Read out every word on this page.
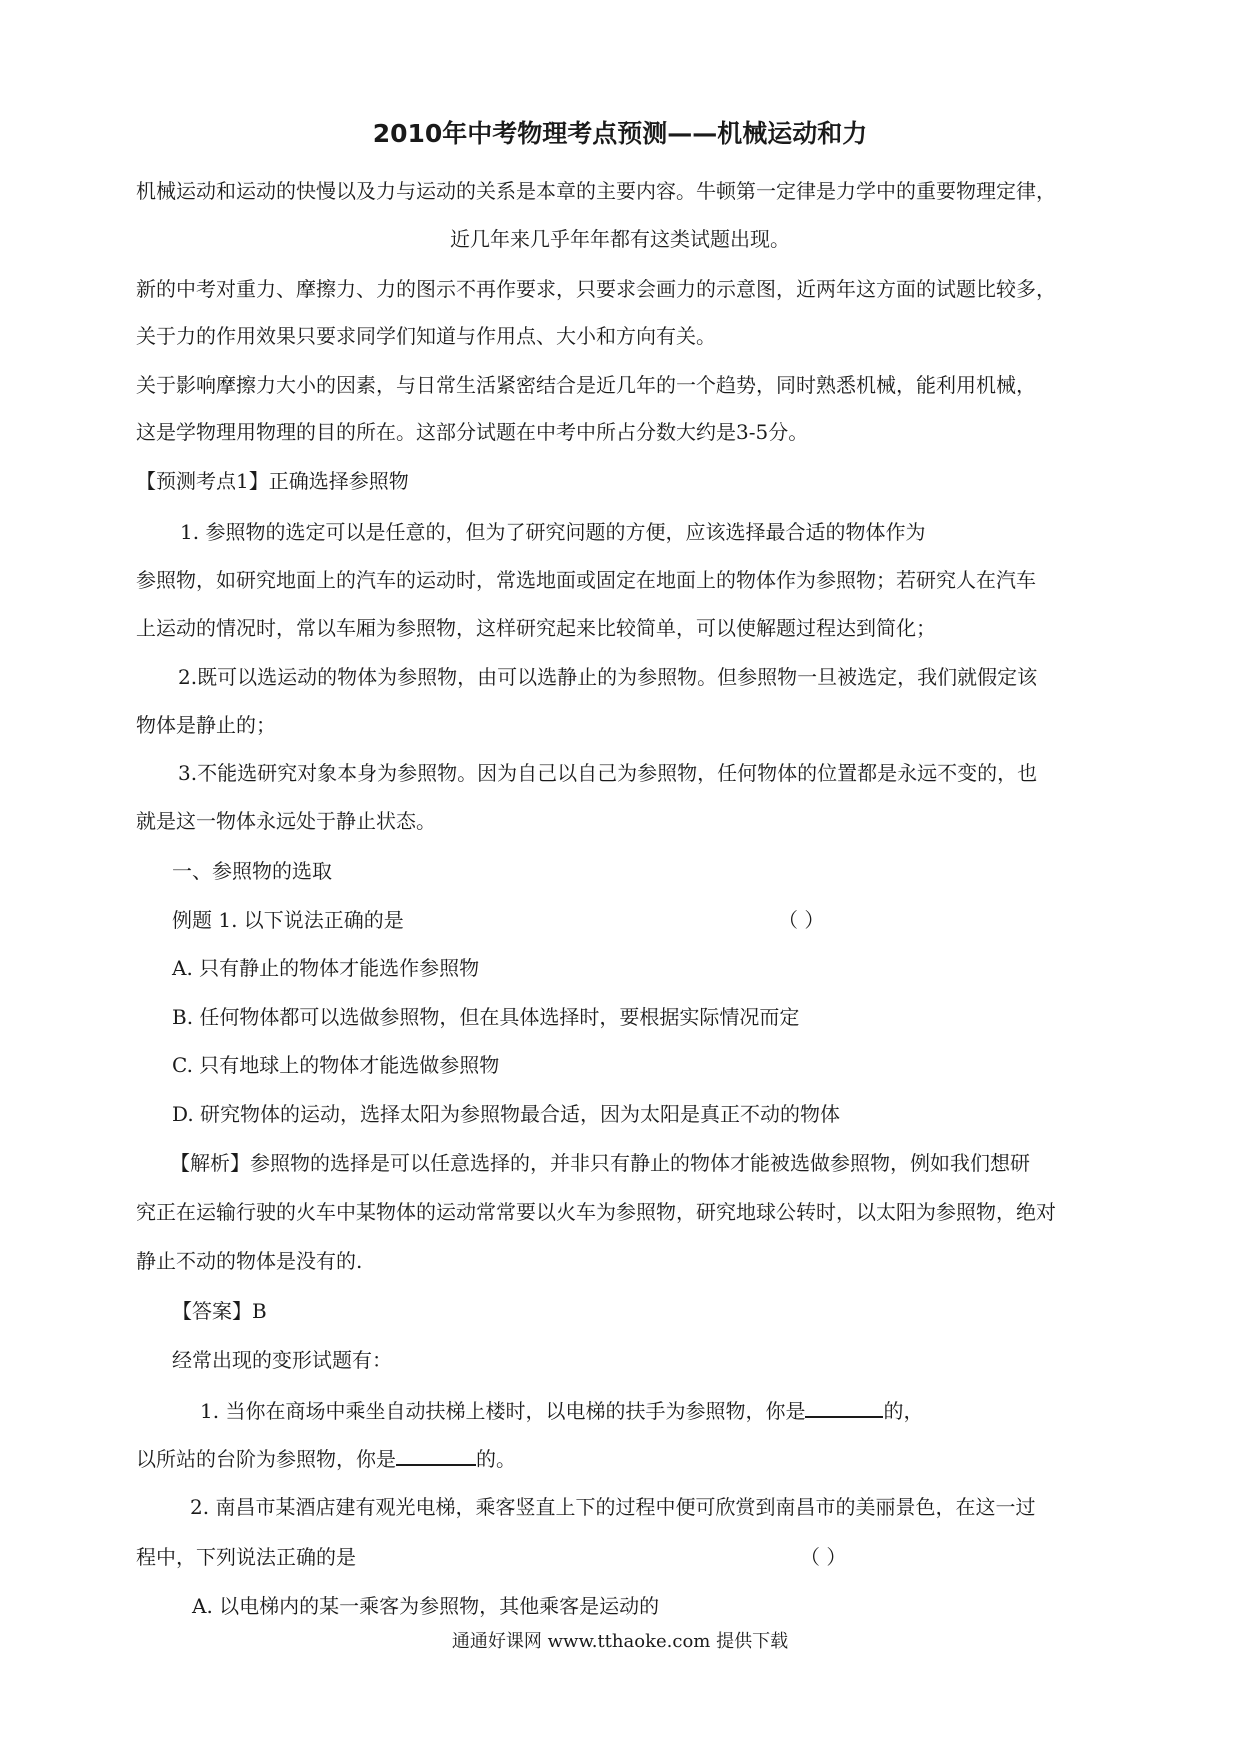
2010年中考物理考点预测——机械运动和力
机械运动和运动的快慢以及力与运动的关系是本章的主要内容。牛顿第一定律是力学中的重要物理定律，
近几年来几乎年年都有这类试题出现。
新的中考对重力、摩擦力、力的图示不再作要求，只要求会画力的示意图，近两年这方面的试题比较多，
关于力的作用效果只要求同学们知道与作用点、大小和方向有关。
关于影响摩擦力大小的因素，与日常生活紧密结合是近几年的一个趋势，同时熟悉机械，能利用机械，
这是学物理用物理的目的所在。这部分试题在中考中所占分数大约是3-5分。
【预测考点1】正确选择参照物
1. 参照物的选定可以是任意的，但为了研究问题的方便，应该选择最合适的物体作为
参照物，如研究地面上的汽车的运动时，常选地面或固定在地面上的物体作为参照物；若研究人在汽车
上运动的情况时，常以车厢为参照物，这样研究起来比较简单，可以使解题过程达到简化；
2.既可以选运动的物体为参照物，由可以选静止的为参照物。但参照物一旦被选定，我们就假定该
物体是静止的；
3.不能选研究对象本身为参照物。因为自己以自己为参照物，任何物体的位置都是永远不变的，也
就是这一物体永远处于静止状态。
一、参照物的选取
例题 1. 以下说法正确的是	（ ）
A. 只有静止的物体才能选作参照物
B. 任何物体都可以选做参照物，但在具体选择时，要根据实际情况而定
C. 只有地球上的物体才能选做参照物
D. 研究物体的运动，选择太阳为参照物最合适，因为太阳是真正不动的物体
【解析】参照物的选择是可以任意选择的，并非只有静止的物体才能被选做参照物，例如我们想研
究正在运输行驶的火车中某物体的运动常常要以火车为参照物，研究地球公转时，以太阳为参照物，绝对
静止不动的物体是没有的.
【答案】B
经常出现的变形试题有：
1. 当你在商场中乘坐自动扶梯上楼时，以电梯的扶手为参照物，你是	的，
以所站的台阶为参照物，你是	的。
2. 南昌市某酒店建有观光电梯，乘客竖直上下的过程中便可欣赏到南昌市的美丽景色，在这一过
程中，下列说法正确的是	（ ）
A. 以电梯内的某一乘客为参照物，其他乘客是运动的
通通好课网 www.tthaoke.com 提供下载
